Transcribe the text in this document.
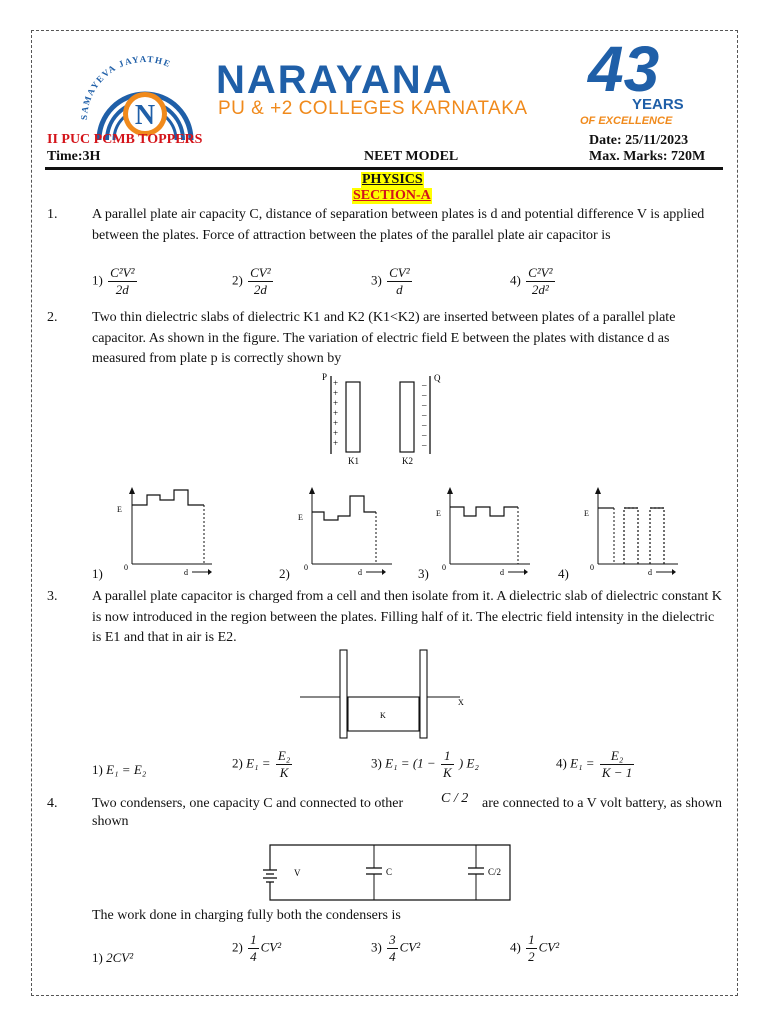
SAMAYEVA JAYATHE
N
NARAYANA
PU & +2 COLLEGES KARNATAKA
43
YEARS
OF EXCELLENCE
II PUC PCMB TOPPERS	Date: 25/11/2023
Time:3H	NEET MODEL	Max. Marks: 720M
PHYSICS
SECTION-A
1. A parallel plate air capacity C, distance of separation between plates is d and potential difference V is applied between the plates. Force of attraction between the plates of the parallel plate air capacitor is
$1) \frac{\text{C²V²}}{2d}$	$2) \frac{\text{CV²}}{2d}$	$3) \frac{\text{CV²}}{d}$	$4) \frac{\text{C²V²}}{\text{2d²}}$
2. Two thin dielectric slabs of dielectric K1 and K2 (K1<K2) are inserted between plates of a parallel plate capacitor. As shown in the figure. The variation of electric field E between the plates with distance d as measured from plate p is correctly shown by
P	Q
+
+
+
+
+
+
+
–
–
–
–
–
–
–
K1	K2
1)
E
0
d	2)
E
0
d	3)
E
0
d	4)
E
0
d
3. A parallel plate capacitor is charged from a cell and then isolate from it. A dielectric slab of dielectric constant K is now introduced in the region between the plates. Filling half of it. The electric field intensity in the dielectric is E1 and that in air is E2.
K
X
1) E₁ = E₂	2) $E_1 = \frac{\text{E₂}}{K}$	3) $E_1 = (1 - \frac{1}{K}$ ) E₂	4) $E_1 = \frac{\text{E₂}}{K - 1}$
4. Two condensers, one capacity C and connected to other	C / 2 are connected to a V volt battery, as shown
shown
V	C	C/2
The work done in charging fully both the condensers is
1) 2CV²
$2) \frac{1}{4} CV^2$	$3) \frac{3}{4} CV^2$	$4) \frac{1}{2} CV^2$
